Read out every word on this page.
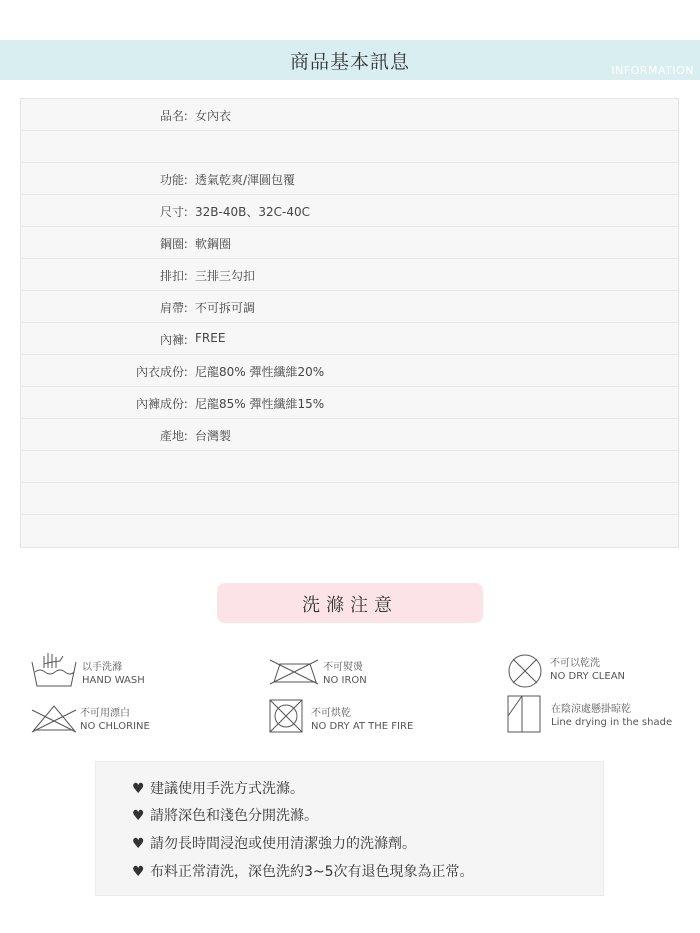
商品基本訊息	INFORMATION
品名 ： 女內衣
功能 ： 透氣乾爽/渾圓包覆
尺寸 ： 32B-40B、32C-40C
鋼圈 ： 軟鋼圈
排扣 ： 三排三勾扣
肩帶 ： 不可拆可調
內褲 ： FREE
內衣成份 ： 尼龍80% 彈性纖維20%
內褲成份 ： 尼龍85% 彈性纖維15%
產地 ： 台灣製
洗滌注意
以手洗滌
HAND WASH
不可熨燙
NO IRON
不可以乾洗
NO DRY CLEAN
不可用漂白
NO CHLORINE
不可烘乾
NO DRY AT THE FIRE
在陰涼處懸掛晾乾
Line drying in the shade
♥ 建議使用手洗方式洗滌。
♥ 請將深色和淺色分開洗滌。
♥ 請勿長時間浸泡或使用清潔強力的洗滌劑。
♥ 布料正常清洗，深色洗約3~5次有退色現象為正常。
